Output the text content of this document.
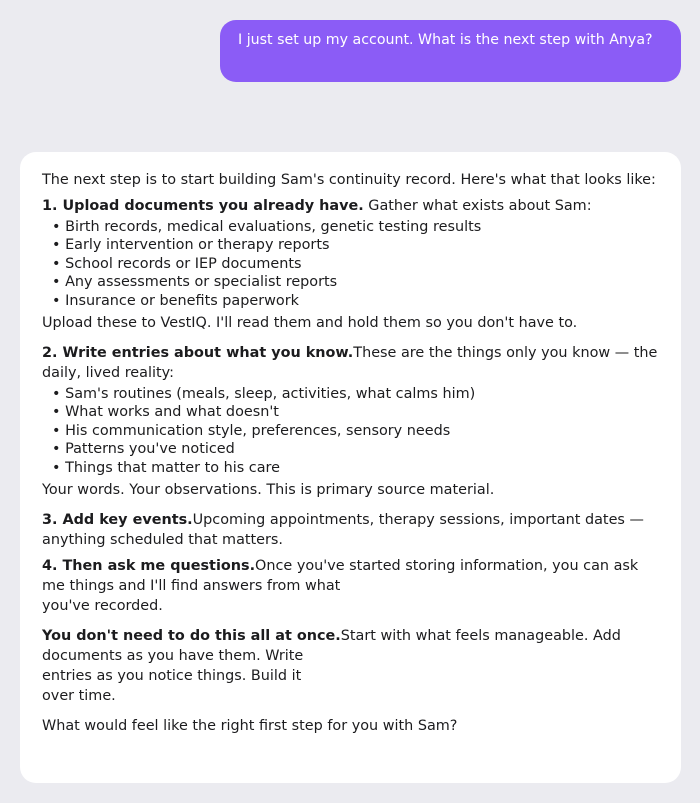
I just set up my account. What is the next step with Anya?

The next step is to start building Sam's continuity record. Here's what that looks like:

1. Upload documents you already have. Gather what exists about Sam:

• Birth records, medical evaluations, genetic testing results
• Early intervention or therapy reports
• School records or IEP documents
• Any assessments or specialist reports
• Insurance or benefits paperwork

Upload these to VestIQ. I'll read them and hold them so you don't have to.

2. Write entries about what you know.These are the things only you know — the daily, lived reality:

• Sam's routines (meals, sleep, activities, what calms him)
• What works and what doesn't
• His communication style, preferences, sensory needs
• Patterns you've noticed
• Things that matter to his care

Your words. Your observations. This is primary source material.

3. Add key events.Upcoming appointments, therapy sessions, important dates — anything scheduled that matters.

4. Then ask me questions.Once you've started storing information, you can ask me things and I'll find answers from what
you've recorded.

You don't need to do this all at once.Start with what feels manageable. Add documents as you have them. Write
entries as you notice things. Build it
over time.

What would feel like the right first step for you with Sam?
